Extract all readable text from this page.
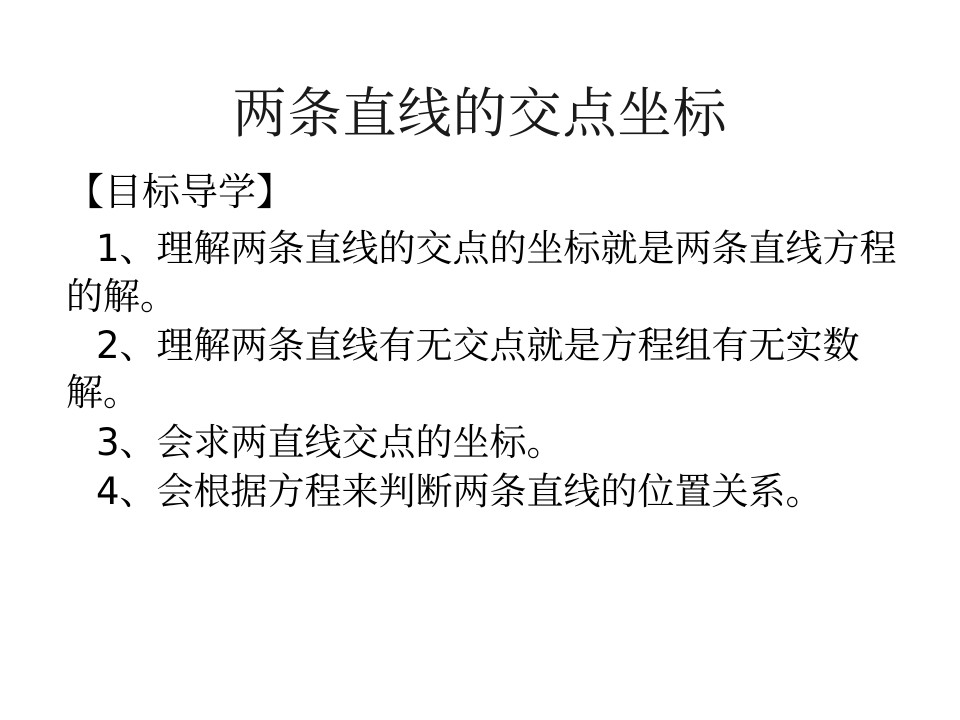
两条直线的交点坐标

【目标导学】

1、理解两条直线的交点的坐标就是两条直线方程的解。
2、理解两条直线有无交点就是方程组有无实数解。
3、会求两直线交点的坐标。
4、会根据方程来判断两条直线的位置关系。
